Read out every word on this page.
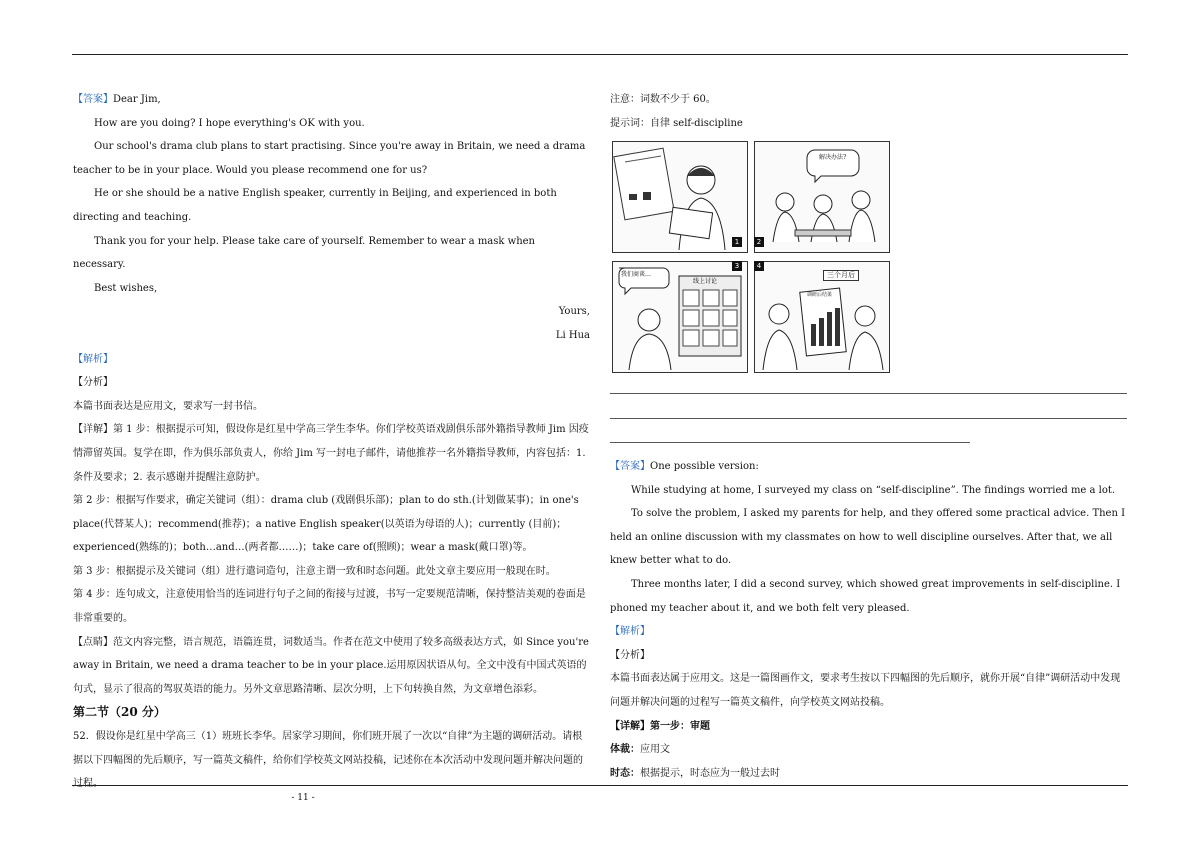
【答案】Dear Jim,

How are you doing? I hope everything's OK with you.

Our school's drama club plans to start practising. Since you're away in Britain, we need a drama teacher to be in your place. Would you please recommend one for us?

He or she should be a native English speaker, currently in Beijing, and experienced in both directing and teaching.

Thank you for your help. Please take care of yourself. Remember to wear a mask when necessary.

Best wishes,

Yours,

Li Hua

【解析】

【分析】

本篇书面表达是应用文，要求写一封书信。

【详解】第 1 步：根据提示可知，假设你是红星中学高三学生李华。你们学校英语戏剧俱乐部外籍指导教师 Jim 因疫情滞留英国。复学在即，作为俱乐部负责人，你给 Jim 写一封电子邮件，请他推荐一名外籍指导教师，内容包括：1. 条件及要求；2. 表示感谢并提醒注意防护。

第 2 步：根据写作要求，确定关键词（组）：drama club (戏剧俱乐部)；plan to do sth.(计划做某事)；in one's place(代替某人)；recommend(推荐)；a native English speaker(以英语为母语的人)；currently (目前)；experienced(熟练的)；both…and…(两者都……)；take care of(照顾)；wear a mask(戴口罩)等。

第 3 步：根据提示及关键词（组）进行遣词造句，注意主谓一致和时态问题。此处文章主要应用一般现在时。

第 4 步：连句成文，注意使用恰当的连词进行句子之间的衔接与过渡，书写一定要规范清晰，保持整洁美观的卷面是非常重要的。

【点睛】范文内容完整，语言规范，语篇连贯，词数适当。作者在范文中使用了较多高级表达方式，如 Since you're away in Britain, we need a drama teacher to be in your place.运用原因状语从句。全文中没有中国式英语的句式，显示了很高的驾驭英语的能力。另外文章思路清晰、层次分明，上下句转换自然，为文章增色添彩。

第二节（20 分）

52．假设你是红星中学高三（1）班班长李华。居家学习期间，你们班开展了一次以“自律”为主题的调研活动。请根据以下四幅图的先后顺序，写一篇英文稿件，给你们学校英文网站投稿，记述你在本次活动中发现问题并解决问题的过程。

注意：词数不少于 60。

提示词：自律 self-discipline

1
解决办法?
2
我们商谈…
线上讨论
3
三个月后
调研后结果
4

【答案】One possible version:

While studying at home, I surveyed my class on “self-discipline”. The findings worried me a lot.

To solve the problem, I asked my parents for help, and they offered some practical advice. Then I held an online discussion with my classmates on how to well discipline ourselves. After that, we all knew better what to do.

Three months later, I did a second survey, which showed great improvements in self-discipline. I phoned my teacher about it, and we both felt very pleased.

【解析】

【分析】

本篇书面表达属于应用文。这是一篇图画作文，要求考生按以下四幅图的先后顺序，就你开展“自律”调研活动中发现问题并解决问题的过程写一篇英文稿件，向学校英文网站投稿。

【详解】第一步：审题

体裁：应用文

时态：根据提示，时态应为一般过去时

- 11 -
